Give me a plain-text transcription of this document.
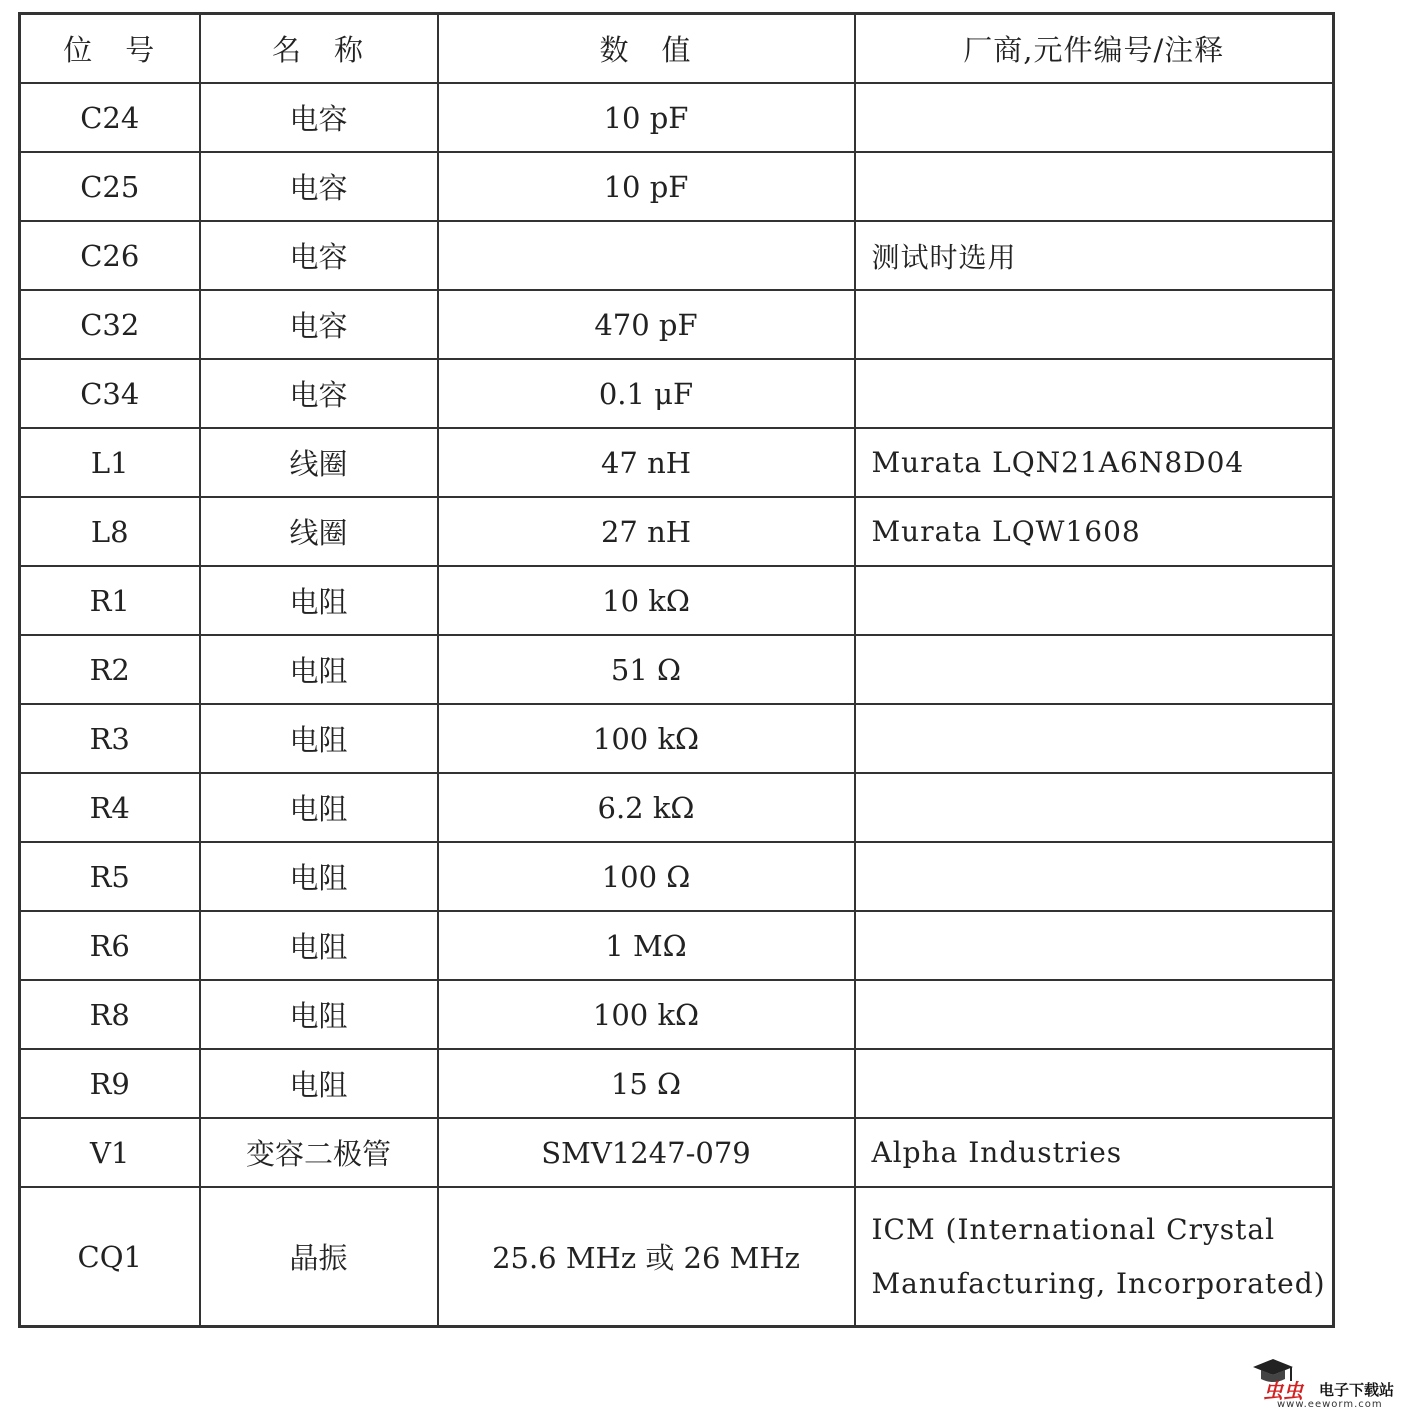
位　号	名　称	数　值	厂商,元件编号/注释
C24	电容	10 pF	
C25	电容	10 pF	
C26	电容		测试时选用
C32	电容	470 pF	
C34	电容	0.1 μF	
L1	线圈	47 nH	Murata LQN21A6N8D04
L8	线圈	27 nH	Murata LQW1608
R1	电阻	10 kΩ	
R2	电阻	51 Ω	
R3	电阻	100 kΩ	
R4	电阻	6.2 kΩ	
R5	电阻	100 Ω	
R6	电阻	1 MΩ	
R8	电阻	100 kΩ	
R9	电阻	15 Ω	
V1	变容二极管	SMV1247-079	Alpha Industries
CQ1	晶振	25.6 MHz 或 26 MHz	ICM (International Crystal
Manufacturing, Incorporated)
虫虫 电子下载站
www.eeworm.com
